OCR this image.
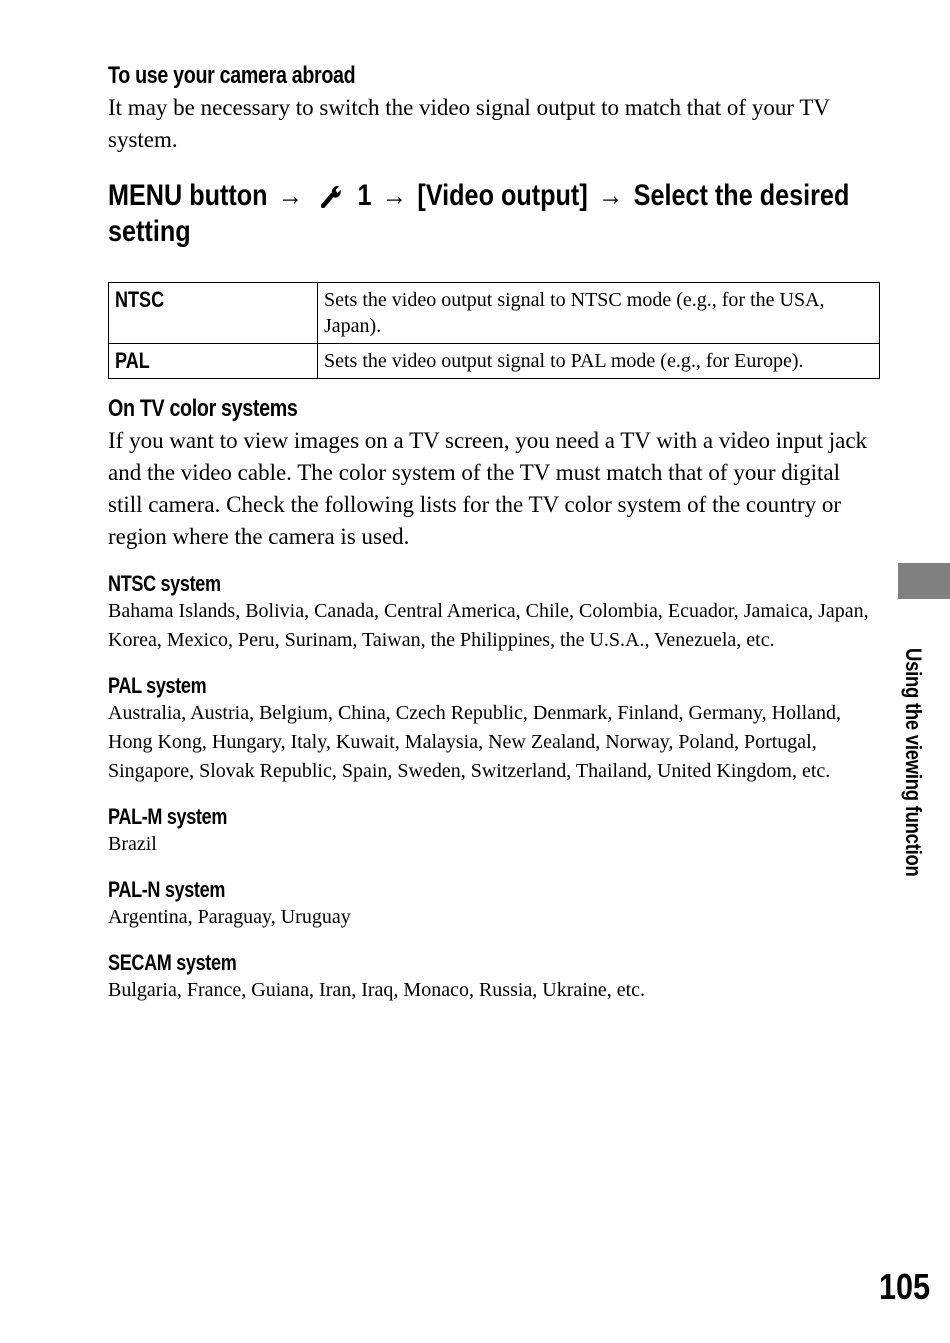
To use your camera abroad

It may be necessary to switch the video signal output to match that of your TV system.

MENU button → 1 → [Video output] → Select the desired setting
NTSC	Sets the video output signal to NTSC mode (e.g., for the USA, Japan).
PAL	Sets the video output signal to PAL mode (e.g., for Europe).
On TV color systems

If you want to view images on a TV screen, you need a TV with a video input jack and the video cable. The color system of the TV must match that of your digital still camera. Check the following lists for the TV color system of the country or region where the camera is used.

NTSC system

Bahama Islands, Bolivia, Canada, Central America, Chile, Colombia, Ecuador, Jamaica, Japan, Korea, Mexico, Peru, Surinam, Taiwan, the Philippines, the U.S.A., Venezuela, etc.

PAL system

Australia, Austria, Belgium, China, Czech Republic, Denmark, Finland, Germany, Holland, Hong Kong, Hungary, Italy, Kuwait, Malaysia, New Zealand, Norway, Poland, Portugal, Singapore, Slovak Republic, Spain, Sweden, Switzerland, Thailand, United Kingdom, etc.

PAL-M system

Brazil

PAL-N system

Argentina, Paraguay, Uruguay

SECAM system

Bulgaria, France, Guiana, Iran, Iraq, Monaco, Russia, Ukraine, etc.

Using the viewing function
105
